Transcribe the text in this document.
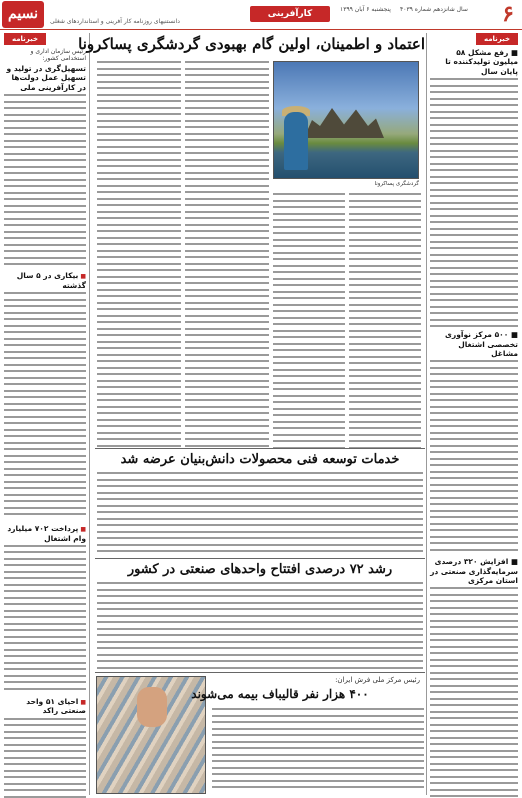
۶
پنجشنبه ۶ آبان ۱۳۹۹
کارآفرینی
نسیم	دانستنیهای روزنامه کار آفرینی و استانداردهای شغلی
سال شانزدهم شماره ۴۰۳۹
خبرنامه
■ رفع مشکل ۵۸ میلیون تولیدکننده تا پایان سال
■ ۵۰۰ مرکز نوآوری تخصصی اشتغال مشاغل
■ افزایش ۳۲۰ درصدی سرمایه‌گذاری صنعتی در استان مرکزی
خبرنامه
رئیس سازمان اداری و استخدامی کشور:
تسهیل‌گری در تولید و تسهیل عمل دولت‌ها در کارآفرینی ملی
■ بیکاری در ۵ سال گذشته
■ پرداخت ۷۰۲ میلیارد وام اشتغال
■ احیای ۵۱ واحد صنعتی راکد
اعتماد و اطمینان، اولین گام بهبودی گردشگری پساکرونا
گردشگری پساکرونا
خدمات توسعه فنی محصولات دانش‌بنیان عرضه شد
رشد ۷۲ درصدی افتتاح واحدهای صنعتی در کشور
رئیس مرکز ملی فرش ایران:
۴۰۰ هزار نفر قالیباف بیمه می‌شوند
